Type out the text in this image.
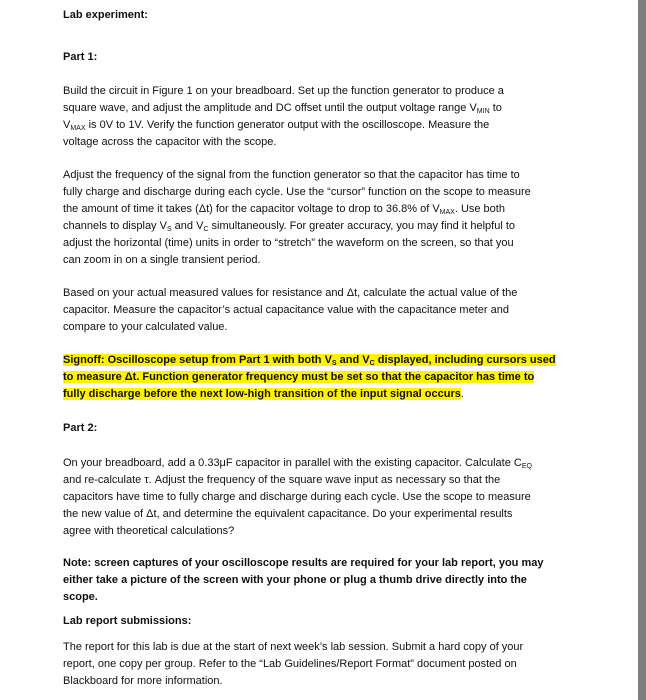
Lab experiment:

Part 1:

Build the circuit in Figure 1 on your breadboard. Set up the function generator to produce a

square wave, and adjust the amplitude and DC offset until the output voltage range $V_{MIN}$ to

$V_{MAX}$ is 0V to 1V. Verify the function generator output with the oscilloscope. Measure the

voltage across the capacitor with the scope.

Adjust the frequency of the signal from the function generator so that the capacitor has time to

fully charge and discharge during each cycle. Use the “cursor” function on the scope to measure

the amount of time it takes (Δt) for the capacitor voltage to drop to 36.8% of $V_{MAX}$. Use both

channels to display $V_S$ and $V_C$ simultaneously. For greater accuracy, you may find it helpful to

adjust the horizontal (time) units in order to “stretch” the waveform on the screen, so that you

can zoom in on a single transient period.

Based on your actual measured values for resistance and Δt, calculate the actual value of the

capacitor. Measure the capacitor’s actual capacitance value with the capacitance meter and

compare to your calculated value.

Signoff: Oscilloscope setup from Part 1 with both $V_S$ and $V_C$ displayed, including cursors used

to measure Δt. Function generator frequency must be set so that the capacitor has time to

fully discharge before the next low-high transition of the input signal occurs.

Part 2:

On your breadboard, add a 0.33μF capacitor in parallel with the existing capacitor. Calculate $C_{EQ}$

and re-calculate τ. Adjust the frequency of the square wave input as necessary so that the

capacitors have time to fully charge and discharge during each cycle. Use the scope to measure

the new value of Δt, and determine the equivalent capacitance. Do your experimental results

agree with theoretical calculations?

Note: screen captures of your oscilloscope results are required for your lab report, you may

either take a picture of the screen with your phone or plug a thumb drive directly into the

scope.

Lab report submissions:

The report for this lab is due at the start of next week’s lab session. Submit a hard copy of your

report, one copy per group. Refer to the “Lab Guidelines/Report Format” document posted on

Blackboard for more information.
